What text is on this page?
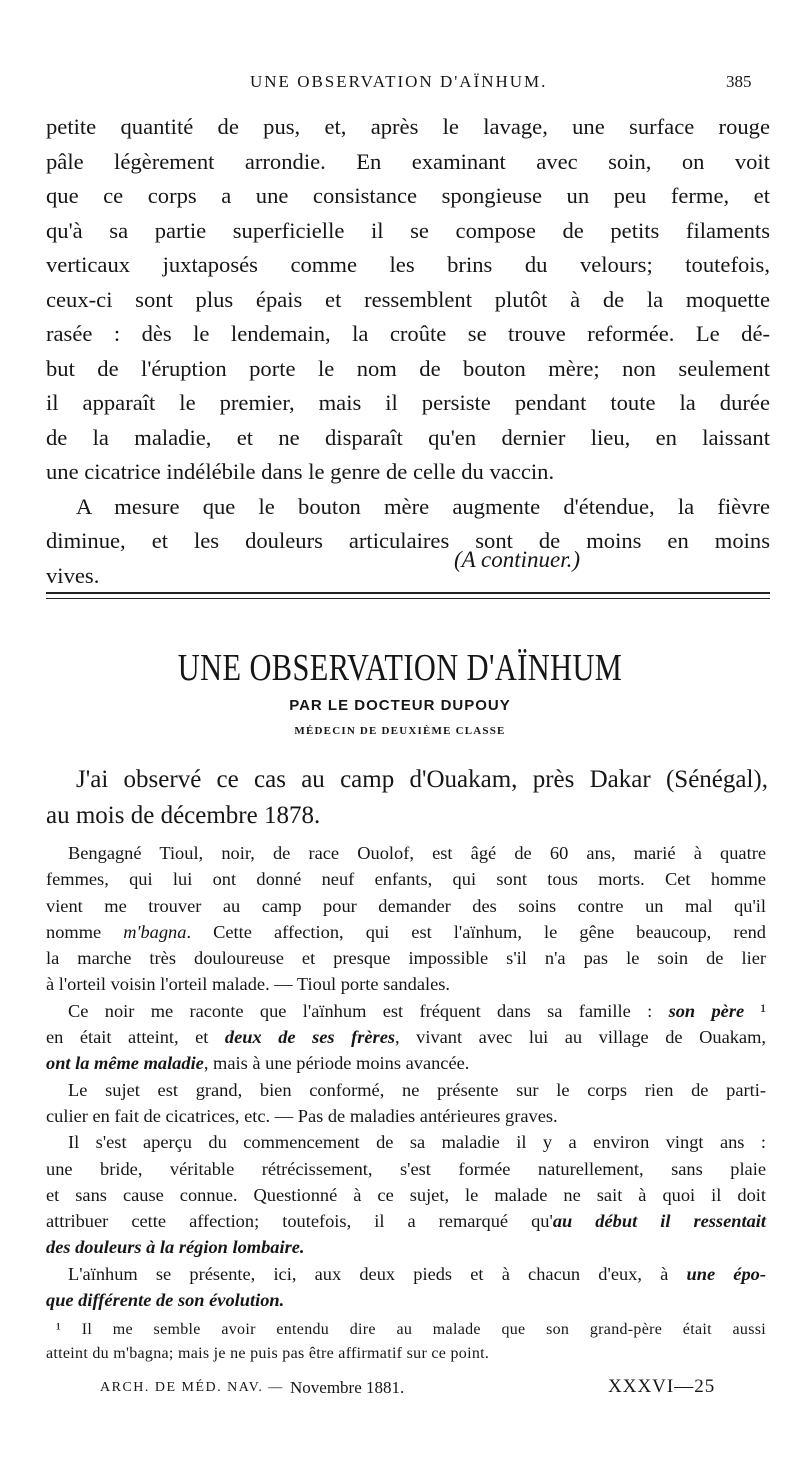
UNE OBSERVATION D'AÏNHUM.	385
petite quantité de pus, et, après le lavage, une surface rouge
pâle légèrement arrondie. En examinant avec soin, on voit
que ce corps a une consistance spongieuse un peu ferme, et
qu'à sa partie superficielle il se compose de petits filaments
verticaux juxtaposés comme les brins du velours; toutefois,
ceux-ci sont plus épais et ressemblent plutôt à de la moquette
rasée : dès le lendemain, la croûte se trouve reformée. Le dé-
but de l'éruption porte le nom de bouton mère; non seulement
il apparaît le premier, mais il persiste pendant toute la durée
de la maladie, et ne disparaît qu'en dernier lieu, en laissant
une cicatrice indélébile dans le genre de celle du vaccin.
A mesure que le bouton mère augmente d'étendue, la fièvre
diminue, et les douleurs articulaires sont de moins en moins
vives.
(A continuer.)
UNE OBSERVATION D'AÏNHUM
PAR LE DOCTEUR DUPOUY
MÉDECIN DE DEUXIÈME CLASSE
J'ai observé ce cas au camp d'Ouakam, près Dakar (Sénégal),
au mois de décembre 1878.
Bengagné Tioul, noir, de race Ouolof, est âgé de 60 ans, marié à quatre
femmes, qui lui ont donné neuf enfants, qui sont tous morts. Cet homme
vient me trouver au camp pour demander des soins contre un mal qu'il
nomme m'bagna. Cette affection, qui est l'aïnhum, le gêne beaucoup, rend
la marche très douloureuse et presque impossible s'il n'a pas le soin de lier
à l'orteil voisin l'orteil malade. — Tioul porte sandales.
Ce noir me raconte que l'aïnhum est fréquent dans sa famille : son père ¹
en était atteint, et deux de ses frères, vivant avec lui au village de Ouakam,
ont la même maladie, mais à une période moins avancée.
Le sujet est grand, bien conformé, ne présente sur le corps rien de parti-
culier en fait de cicatrices, etc. — Pas de maladies antérieures graves.
Il s'est aperçu du commencement de sa maladie il y a environ vingt ans :
une bride, véritable rétrécissement, s'est formée naturellement, sans plaie
et sans cause connue. Questionné à ce sujet, le malade ne sait à quoi il doit
attribuer cette affection; toutefois, il a remarqué qu'au début il ressentait
des douleurs à la région lombaire.
L'aïnhum se présente, ici, aux deux pieds et à chacun d'eux, à une épo-
que différente de son évolution.
¹ Il me semble avoir entendu dire au malade que son grand-père était aussi
atteint du m'bagna; mais je ne puis pas être affirmatif sur ce point.
ARCH. DE MÉD. NAV. — Novembre 1881.	XXXVI—25
